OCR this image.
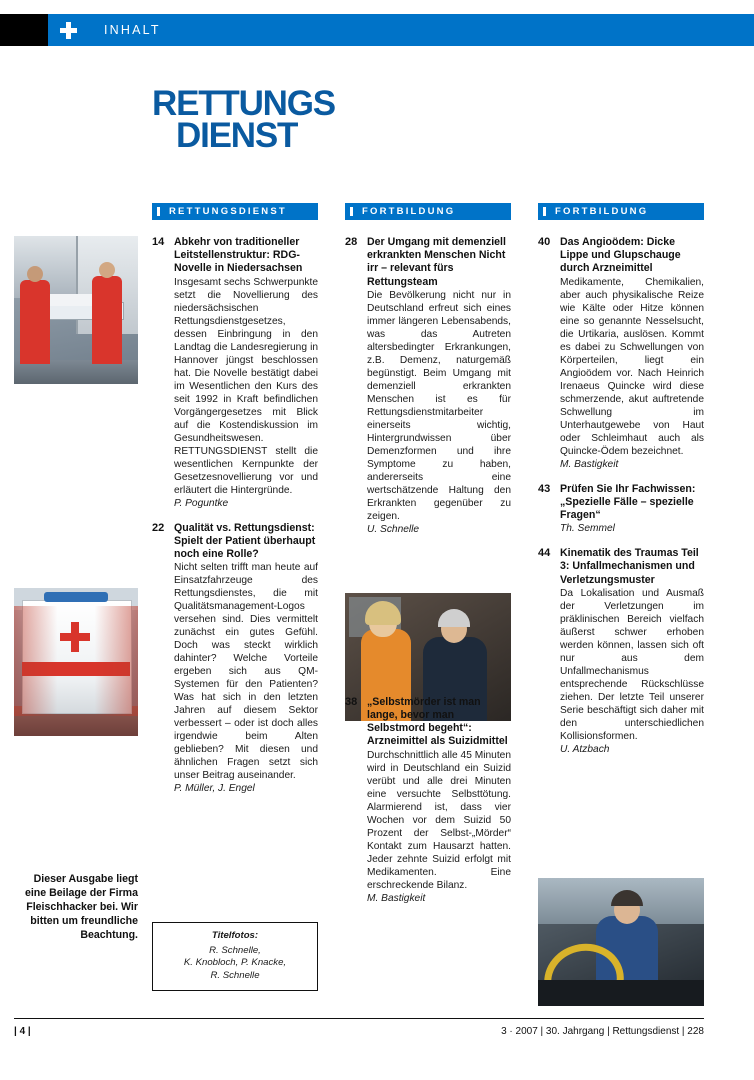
INHALT
RETTUNGS
DIENST
RETTUNGSDIENST	FORTBILDUNG	FORTBILDUNG
14 Abkehr von traditioneller Leitstellenstruktur: RDG-Novelle in Niedersachsen
Insgesamt sechs Schwerpunkte setzt die Novellierung des niedersächsischen Rettungsdienstgesetzes, dessen Einbringung in den Landtag die Landesregierung in Hannover jüngst beschlossen hat. Die Novelle bestätigt dabei im Wesentlichen den Kurs des seit 1992 in Kraft befindlichen Vorgängergesetzes mit Blick auf die Kostendiskussion im Gesundheitswesen. RETTUNGSDIENST stellt die wesentlichen Kernpunkte der Gesetzesnovellierung vor und erläutert die Hintergründe.
P. Poguntke
22 Qualität vs. Rettungsdienst: Spielt der Patient überhaupt noch eine Rolle?
Nicht selten trifft man heute auf Einsatzfahrzeuge des Rettungsdienstes, die mit Qualitätsmanagement-Logos versehen sind. Dies vermittelt zunächst ein gutes Gefühl. Doch was steckt wirklich dahinter? Welche Vorteile ergeben sich aus QM-Systemen für den Patienten? Was hat sich in den letzten Jahren auf diesem Sektor verbessert – oder ist doch alles irgendwie beim Alten geblieben? Mit diesen und ähnlichen Fragen setzt sich unser Beitrag auseinander.
P. Müller, J. Engel
28 Der Umgang mit demenziell erkrankten Menschen Nicht irr – relevant fürs Rettungsteam
Die Bevölkerung nicht nur in Deutschland erfreut sich eines immer längeren Lebensabends, was das Autreten altersbedingter Erkrankungen, z.B. Demenz, naturgemäß begünstigt. Beim Umgang mit demenziell erkrankten Menschen ist es für Rettungsdienstmitarbeiter einerseits wichtig, Hintergrundwissen über Demenzformen und ihre Symptome zu haben, andererseits eine wertschätzende Haltung den Erkrankten gegenüber zu zeigen.
U. Schnelle
38 „Selbstmörder ist man lange, bevor man Selbstmord begeht“: Arzneimittel als Suizidmittel
Durchschnittlich alle 45 Minuten wird in Deutschland ein Suizid verübt und alle drei Minuten eine versuchte Selbsttötung. Alarmierend ist, dass vier Wochen vor dem Suizid 50 Prozent der Selbst-„Mörder“ Kontakt zum Hausarzt hatten. Jeder zehnte Suizid erfolgt mit Medikamenten. Eine erschreckende Bilanz.
M. Bastigkeit
40 Das Angioödem: Dicke Lippe und Glupschauge durch Arzneimittel
Medikamente, Chemikalien, aber auch physikalische Reize wie Kälte oder Hitze können eine so genannte Nesselsucht, die Urtikaria, auslösen. Kommt es dabei zu Schwellungen von Körperteilen, liegt ein Angioödem vor. Nach Heinrich Irenaeus Quincke wird diese schmerzende, akut auftretende Schwellung im Unterhautgewebe von Haut oder Schleimhaut auch als Quincke-Ödem bezeichnet.
M. Bastigkeit
43 Prüfen Sie Ihr Fachwissen: „Spezielle Fälle – spezielle Fragen“
Th. Semmel
44 Kinematik des Traumas Teil 3: Unfallmechanismen und Verletzungsmuster
Da Lokalisation und Ausmaß der Verletzungen im präklinischen Bereich vielfach äußerst schwer erhoben werden können, lassen sich oft nur aus dem Unfallmechanismus entsprechende Rückschlüsse ziehen. Der letzte Teil unserer Serie beschäftigt sich daher mit den unterschiedlichen Kollisionsformen.
U. Atzbach
Dieser Ausgabe liegt eine Beilage der Firma Fleischhacker bei. Wir bitten um freundliche Beachtung.	Titelfotos:
R. Schnelle,
K. Knobloch, P. Knacke,
R. Schnelle
| 4 |	3 · 2007 | 30. Jahrgang | Rettungsdienst | 228
